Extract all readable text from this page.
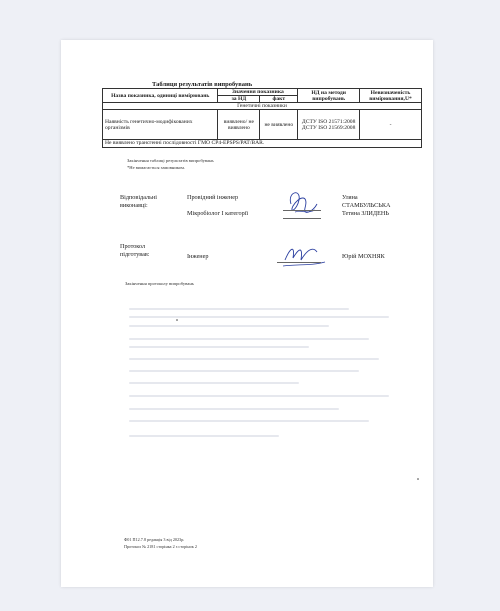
Таблиця результатів випробувань
Назва показника, одиниці вимірювань	Значення показника		НД на методи випробувань	Невизначеність вимірювання,U*
	за НД	факт		
Генетичні показники				
Наявність генетично-модифікованих організмів	виявлено/ не виявлено	не виявлено	ДСТУ ISO 21571:2008 ДСТУ ISO 21569:2008	-
Не виявлено трансгенні послідовності ГМО CP4-EPSPS/PAT/BAR.				
Закінчення таблиці результатів випробувань
*Не вимагається замовником.
Відповідальні виконавці:
Провідний інженер
Мікробіолог I категорії
Уляна СТАМБУЛЬСЬКА
Тетяна ЗЛИДЕНЬ
Протокол підготував:	Інженер	Юрій МОХНЯК
Закінчення протоколу випробувань
Ф01 П12.7.8 редакція 3 від 2023р.
Протокол № 2181 сторінка 2 з сторінок 2
